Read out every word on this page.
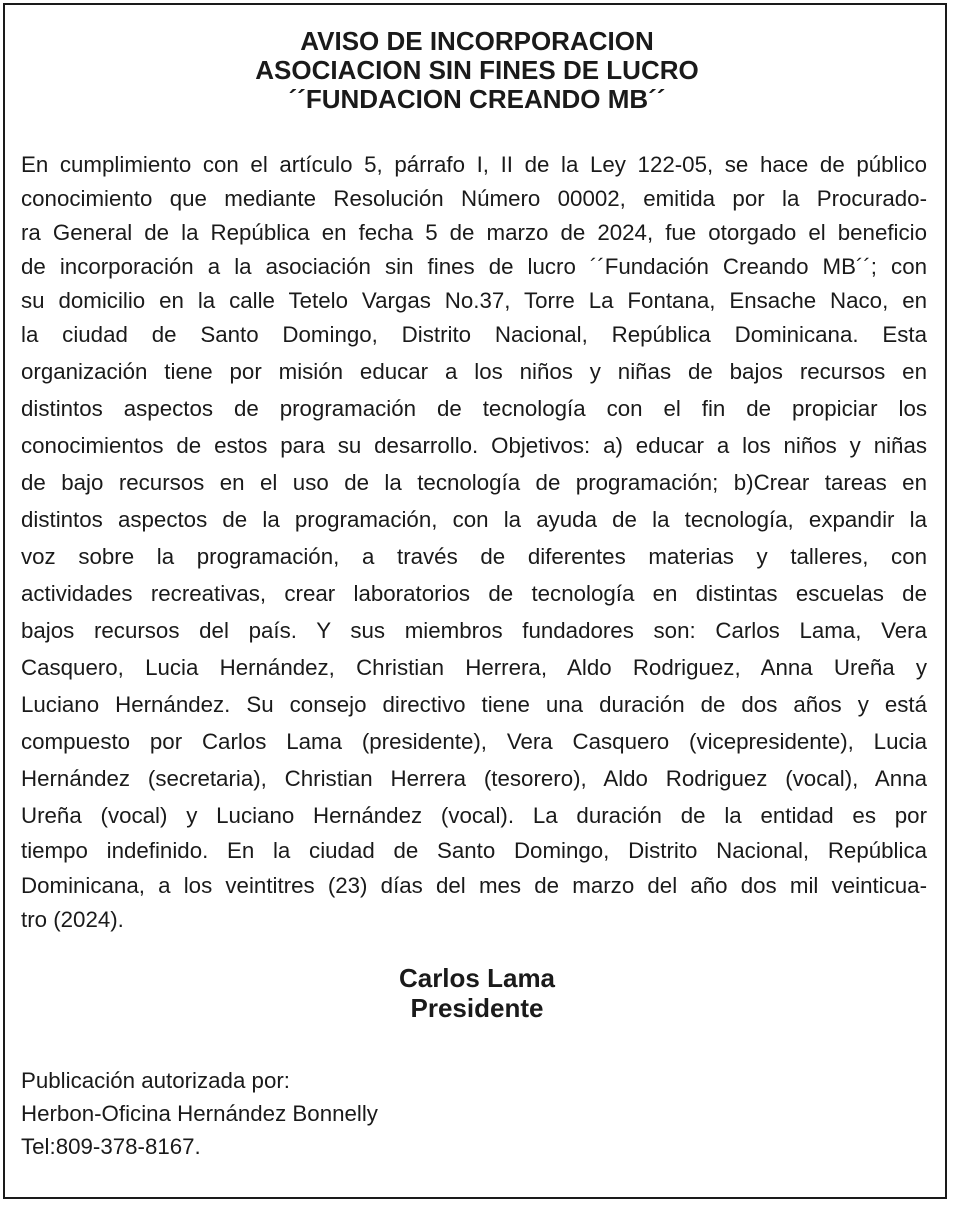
AVISO DE INCORPORACION
ASOCIACION SIN FINES DE LUCRO
´´FUNDACION CREANDO MB´´
En cumplimiento con el artículo 5, párrafo I, II de la Ley 122-05, se hace de público
conocimiento que mediante Resolución Número 00002, emitida por la Procurado-
ra General de la República en fecha 5 de marzo de 2024, fue otorgado el beneficio
de incorporación a la asociación sin fines de lucro ´´Fundación Creando MB´´; con
su domicilio en la calle Tetelo Vargas No.37, Torre La Fontana, Ensache Naco, en
la ciudad de Santo Domingo, Distrito Nacional, República Dominicana. Esta
organización tiene por misión educar a los niños y niñas de bajos recursos en
distintos aspectos de programación de tecnología con el fin de propiciar los
conocimientos de estos para su desarrollo. Objetivos: a) educar a los niños y niñas
de bajo recursos en el uso de la tecnología de programación; b)Crear tareas en
distintos aspectos de la programación, con la ayuda de la tecnología, expandir la
voz sobre la programación, a través de diferentes materias y talleres, con
actividades recreativas, crear laboratorios de tecnología en distintas escuelas de
bajos recursos del país. Y sus miembros fundadores son: Carlos Lama, Vera
Casquero, Lucia Hernández, Christian Herrera, Aldo Rodriguez, Anna Ureña y
Luciano Hernández. Su consejo directivo tiene una duración de dos años y está
compuesto por Carlos Lama (presidente), Vera Casquero (vicepresidente), Lucia
Hernández (secretaria), Christian Herrera (tesorero), Aldo Rodriguez (vocal), Anna
Ureña (vocal) y Luciano Hernández (vocal). La duración de la entidad es por
tiempo indefinido. En la ciudad de Santo Domingo, Distrito Nacional, República
Dominicana, a los veintitres (23) días del mes de marzo del año dos mil veinticua-
tro (2024).
Carlos Lama
Presidente
Publicación autorizada por:
Herbon-Oficina Hernández Bonnelly
Tel:809-378-8167.
